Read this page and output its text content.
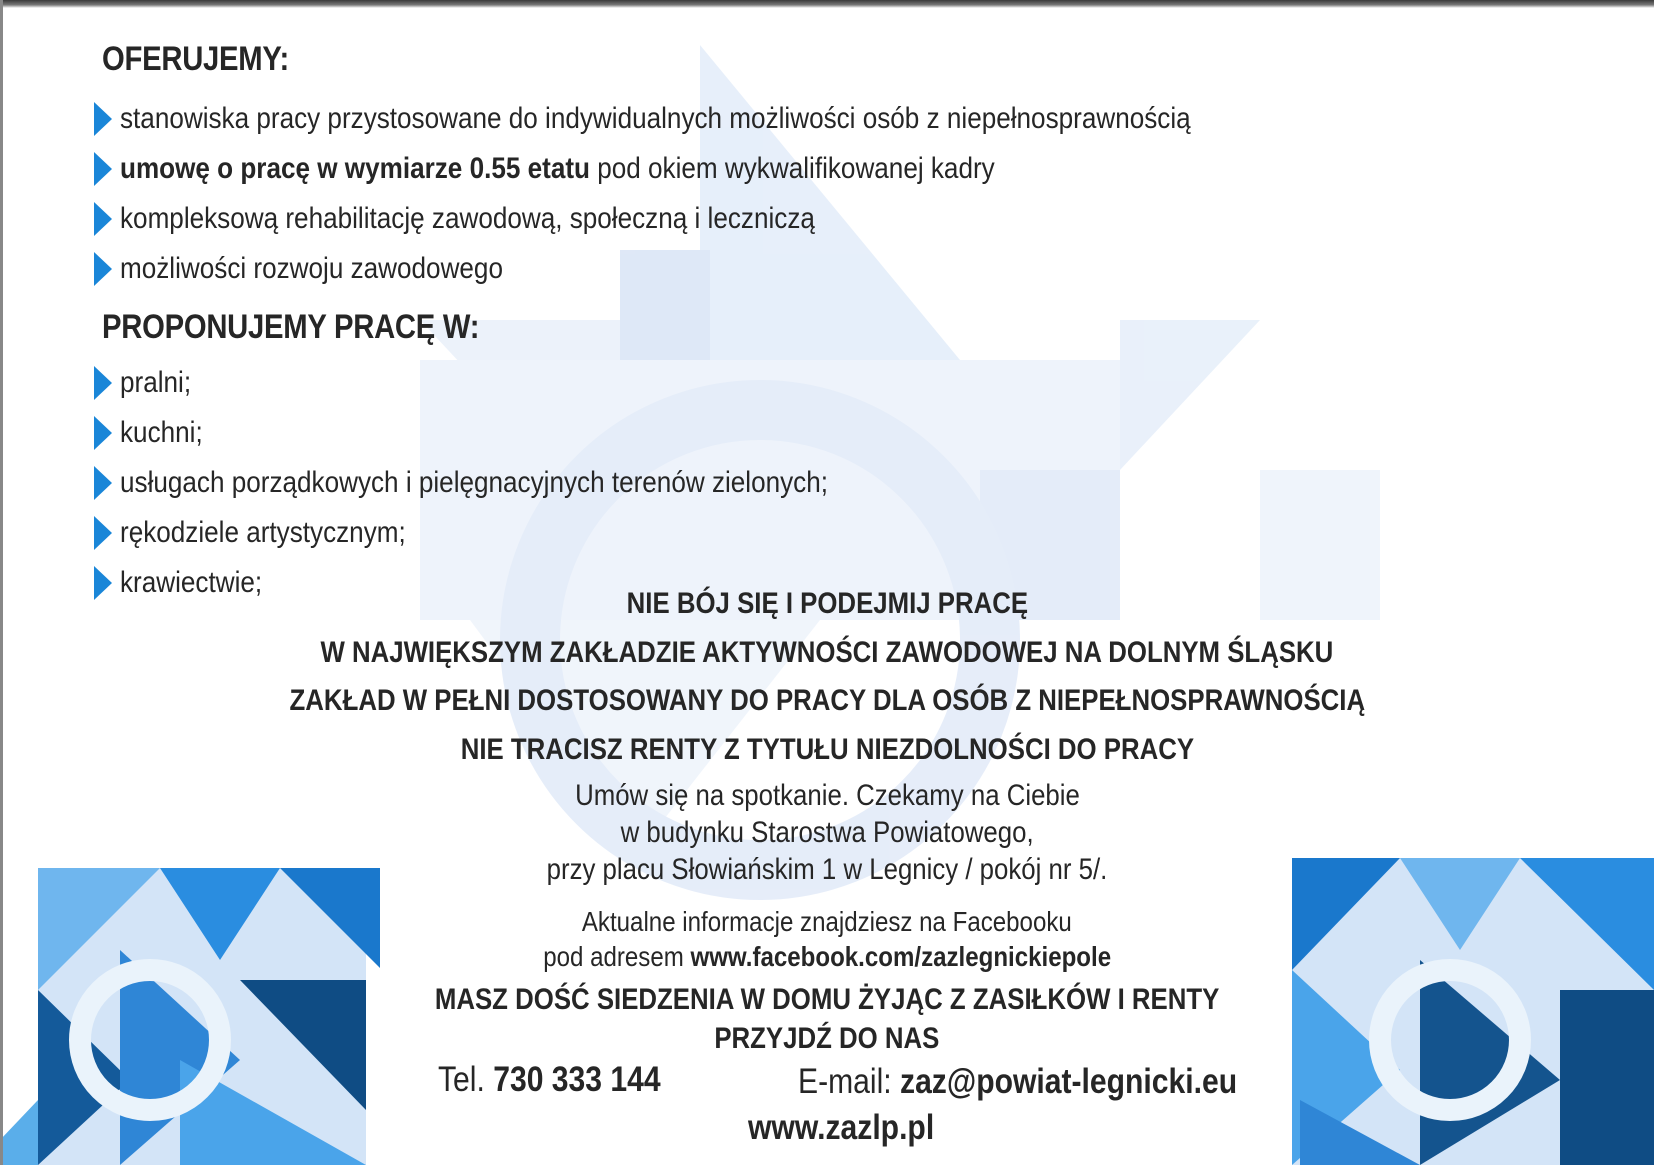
OFERUJEMY:
stanowiska pracy przystosowane do indywidualnych możliwości osób z niepełnosprawnością
umowę o pracę w wymiarze 0.55 etatu pod okiem wykwalifikowanej kadry
kompleksową rehabilitację zawodową, społeczną i leczniczą
możliwości rozwoju zawodowego
PROPONUJEMY PRACĘ W:
pralni;
kuchni;
usługach porządkowych i pielęgnacyjnych terenów zielonych;
rękodziele artystycznym;
krawiectwie;
NIE BÓJ SIĘ I PODEJMIJ PRACĘ
W NAJWIĘKSZYM ZAKŁADZIE AKTYWNOŚCI ZAWODOWEJ NA DOLNYM ŚLĄSKU
ZAKŁAD W PEŁNI DOSTOSOWANY DO PRACY DLA OSÓB Z NIEPEŁNOSPRAWNOŚCIĄ
NIE TRACISZ RENTY Z TYTUŁU NIEZDOLNOŚCI DO PRACY
Umów się na spotkanie. Czekamy na Ciebie
w budynku Starostwa Powiatowego,
przy placu Słowiańskim 1 w Legnicy / pokój nr 5/.
Aktualne informacje znajdziesz na Facebooku
pod adresem www.facebook.com/zazlegnickiepole
MASZ DOŚĆ SIEDZENIA W DOMU ŻYJĄC Z ZASIŁKÓW I RENTY
PRZYJDŹ DO NAS
Tel. 730 333 144	E-mail: zaz@powiat-legnicki.eu
www.zazlp.pl
